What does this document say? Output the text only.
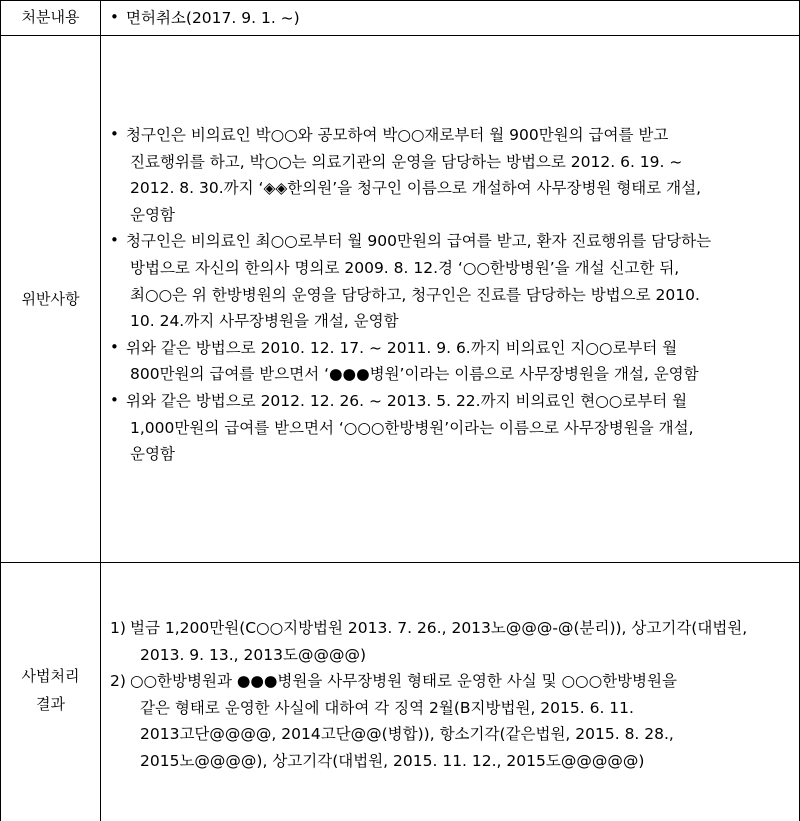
처분내용	• 면허취소(2017. 9. 1. ~)
위반사항
• 청구인은 비의료인 박○○와 공모하여 박○○재로부터 월 900만원의 급여를 받고
진료행위를 하고, 박○○는 의료기관의 운영을 담당하는 방법으로 2012. 6. 19. ~
2012. 8. 30.까지 ‘◈◈한의원’을 청구인 이름으로 개설하여 사무장병원 형태로 개설,
운영함
• 청구인은 비의료인 최○○로부터 월 900만원의 급여를 받고, 환자 진료행위를 담당하는
방법으로 자신의 한의사 명의로 2009. 8. 12.경 ‘○○한방병원’을 개설 신고한 뒤,
최○○은 위 한방병원의 운영을 담당하고, 청구인은 진료를 담당하는 방법으로 2010.
10. 24.까지 사무장병원을 개설, 운영함
• 위와 같은 방법으로 2010. 12. 17. ~ 2011. 9. 6.까지 비의료인 지○○로부터 월
800만원의 급여를 받으면서 ‘●●●병원’이라는 이름으로 사무장병원을 개설, 운영함
• 위와 같은 방법으로 2012. 12. 26. ~ 2013. 5. 22.까지 비의료인 현○○로부터 월
1,000만원의 급여를 받으면서 ‘○○○한방병원’이라는 이름으로 사무장병원을 개설,
운영함
사법처리
결과
1) 벌금 1,200만원(C○○지방법원 2013. 7. 26., 2013노@@@-@(분리)), 상고기각(대법원,
2013. 9. 13., 2013도@@@@)
2) ○○한방병원과 ●●●병원을 사무장병원 형태로 운영한 사실 및 ○○○한방병원을
같은 형태로 운영한 사실에 대하여 각 징역 2월(B지방법원, 2015. 6. 11.
2013고단@@@@, 2014고단@@(병합)), 항소기각(같은법원, 2015. 8. 28.,
2015노@@@@), 상고기각(대법원, 2015. 11. 12., 2015도@@@@@)
